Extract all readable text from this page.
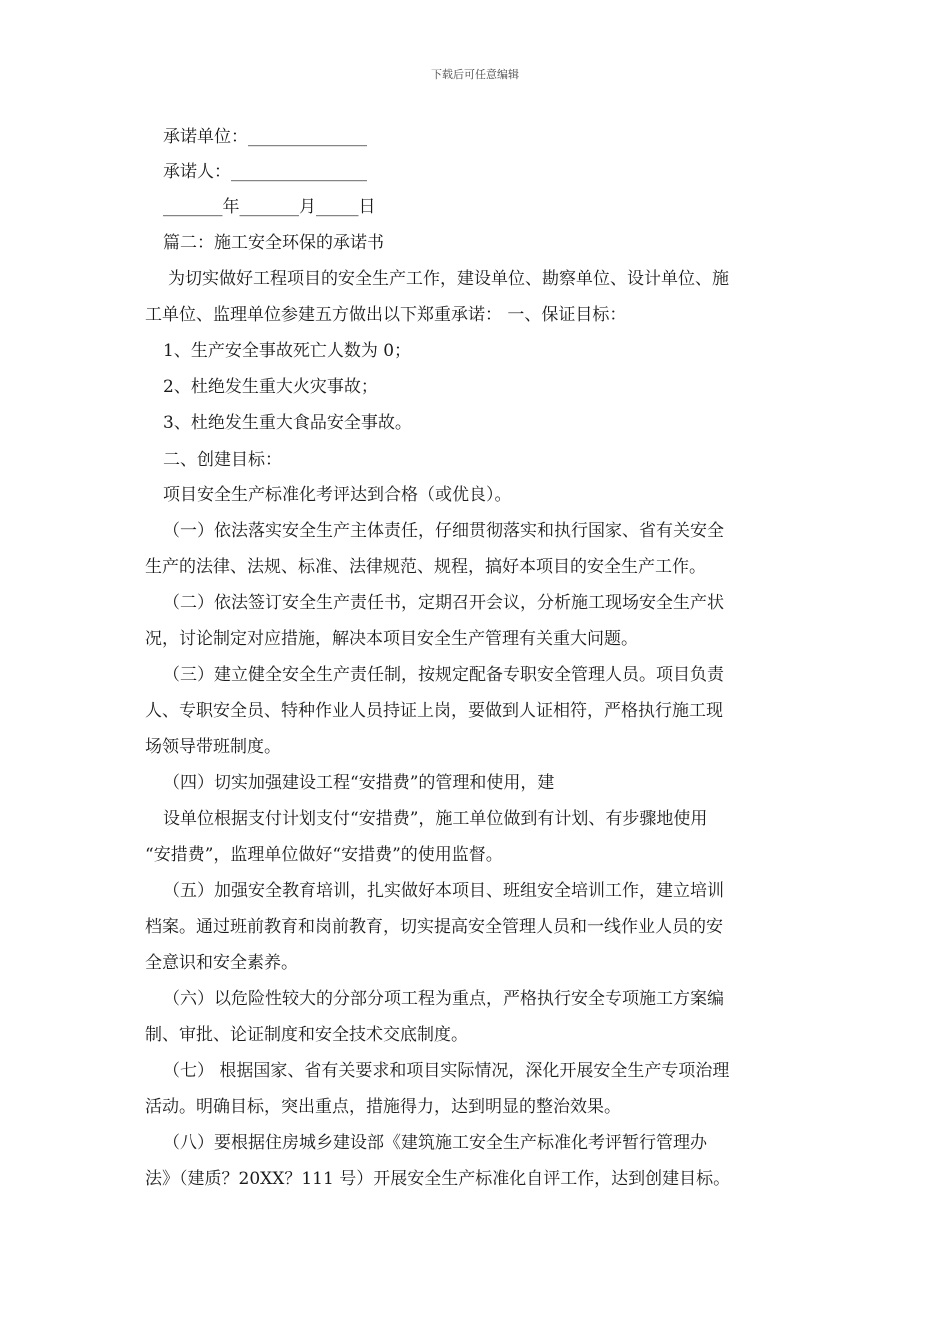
下载后可任意编辑
承诺单位：______________
承诺人：________________
_______年_______月_____日
篇二：施工安全环保的承诺书
为切实做好工程项目的安全生产工作，建设单位、勘察单位、设计单位、施
工单位、监理单位参建五方做出以下郑重承诺： 一、保证目标：
1、生产安全事故死亡人数为 0；
2、杜绝发生重大火灾事故；
3、杜绝发生重大食品安全事故。
二、创建目标：
项目安全生产标准化考评达到合格（或优良）。
（一）依法落实安全生产主体责任，仔细贯彻落实和执行国家、省有关安全
生产的法律、法规、标准、法律规范、规程，搞好本项目的安全生产工作。
（二）依法签订安全生产责任书，定期召开会议，分析施工现场安全生产状
况，讨论制定对应措施，解决本项目安全生产管理有关重大问题。
（三）建立健全安全生产责任制，按规定配备专职安全管理人员。项目负责
人、专职安全员、特种作业人员持证上岗，要做到人证相符，严格执行施工现
场领导带班制度。
（四）切实加强建设工程“安措费”的管理和使用，建
设单位根据支付计划支付“安措费”，施工单位做到有计划、有步骤地使用
“安措费”，监理单位做好“安措费”的使用监督。
（五）加强安全教育培训，扎实做好本项目、班组安全培训工作，建立培训
档案。通过班前教育和岗前教育，切实提高安全管理人员和一线作业人员的安
全意识和安全素养。
（六）以危险性较大的分部分项工程为重点，严格执行安全专项施工方案编
制、审批、论证制度和安全技术交底制度。
（七） 根据国家、省有关要求和项目实际情况，深化开展安全生产专项治理
活动。明确目标，突出重点，措施得力，达到明显的整治效果。
（八）要根据住房城乡建设部《建筑施工安全生产标准化考评暂行管理办
法》（建质？20XX？111 号）开展安全生产标准化自评工作，达到创建目标。
